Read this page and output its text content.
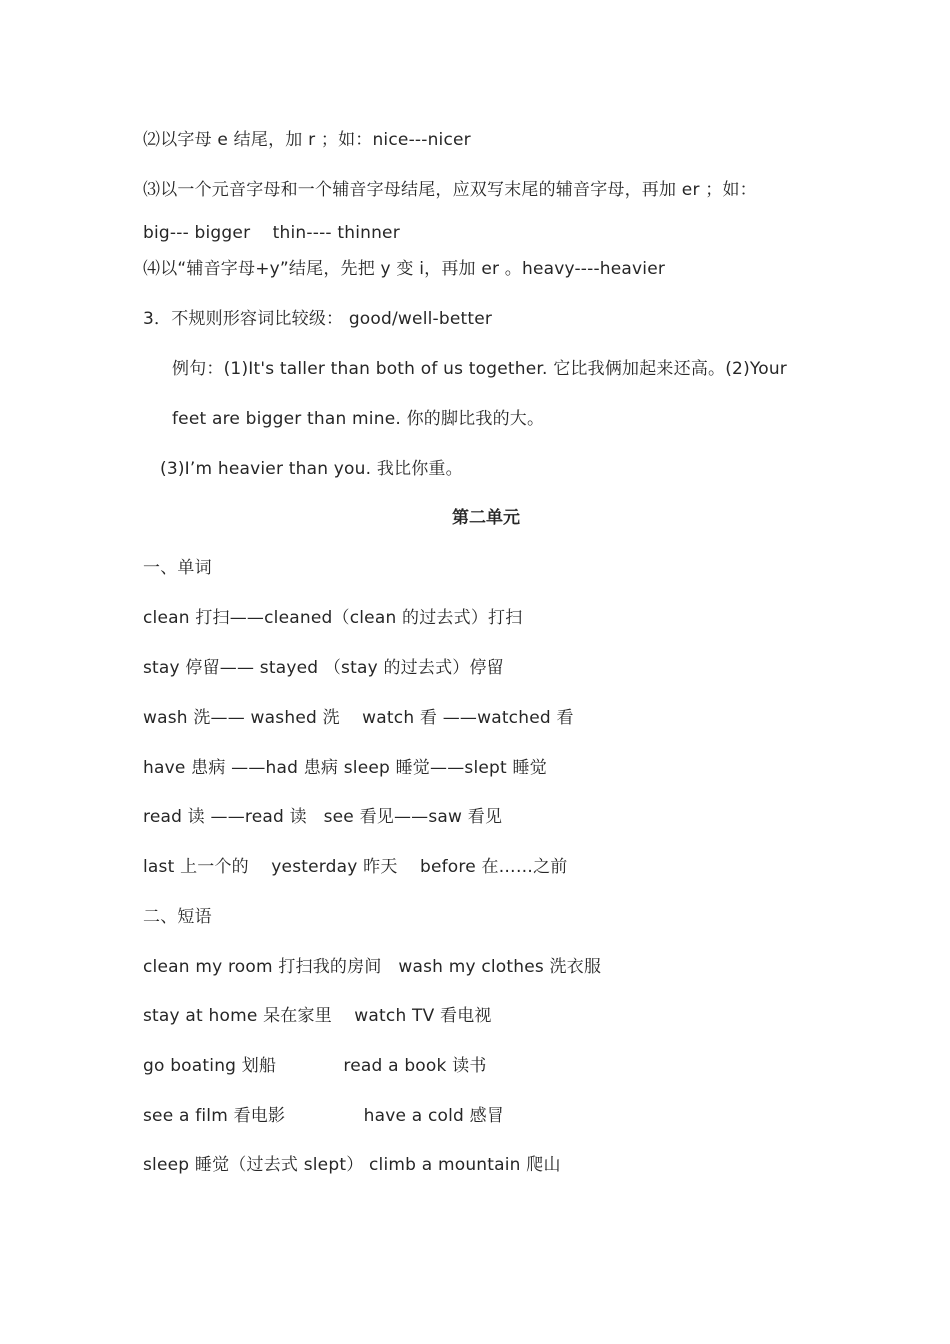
⑵以字母 e 结尾，加 r ；如：nice---nicer
⑶以一个元音字母和一个辅音字母结尾，应双写末尾的辅音字母，再加 er ；如：
big--- bigger    thin---- thinner
⑷以“辅音字母+y”结尾，先把 y 变 i，再加 er 。heavy----heavier
3．不规则形容词比较级： good/well-better
例句：(1)It's taller than both of us together. 它比我俩加起来还高。(2)Your
feet are bigger than mine. 你的脚比我的大。
(3)I’m heavier than you. 我比你重。
第二单元
一、单词
clean 打扫——cleaned（clean 的过去式）打扫
stay 停留—— stayed （stay 的过去式）停留
wash 洗—— washed 洗    watch 看 ——watched 看
have 患病 ——had 患病 sleep 睡觉——slept 睡觉
read 读 ——read 读   see 看见——saw 看见
last 上一个的    yesterday 昨天    before 在……之前
二、短语
clean my room 打扫我的房间   wash my clothes 洗衣服
stay at home 呆在家里    watch TV 看电视
go boating 划船            read a book 读书
see a film 看电影              have a cold 感冒
sleep 睡觉（过去式 slept） climb a mountain 爬山
